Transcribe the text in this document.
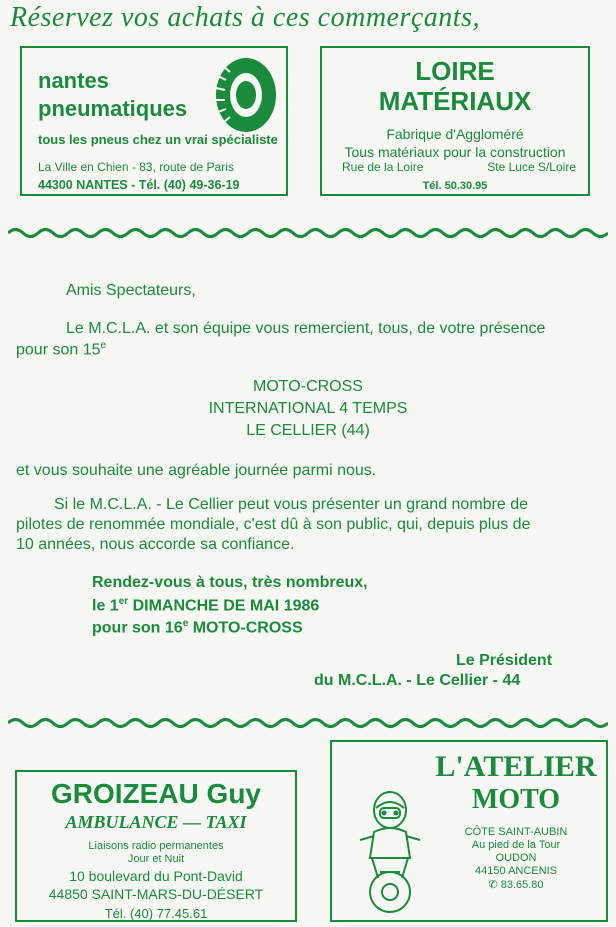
Réservez vos achats à ces commerçants,
nantes
pneumatiques
tous les pneus chez un vrai spécialiste
La Ville en Chien - 83, route de Paris
44300 NANTES - Tél. (40) 49-36-19
LOIRE
MATÉRIAUX
Fabrique d'Aggloméré
Tous matériaux pour la construction
Rue de la Loire	Ste Luce S/Loire
Tél. 50.30.95
Amis Spectateurs,
Le M.C.L.A. et son équipe vous remercient, tous, de votre présence
pour son 15e
MOTO-CROSS
INTERNATIONAL 4 TEMPS
LE CELLIER (44)
et vous souhaite une agréable journée parmi nous.
Si le M.C.L.A. - Le Cellier peut vous présenter un grand nombre de
pilotes de renommée mondiale, c'est dû à son public, qui, depuis plus de
10 années, nous accorde sa confiance.
Rendez-vous à tous, très nombreux,
le 1er DIMANCHE DE MAI 1986
pour son 16e MOTO-CROSS
Le Président
du M.C.L.A. - Le Cellier - 44
GROIZEAU Guy
AMBULANCE — TAXI
Liaisons radio permanentes
Jour et Nuit
10 boulevard du Pont-David
44850 SAINT-MARS-DU-DÉSERT
Tél. (40) 77.45.61
L'ATELIER
MOTO
CÔTE SAINT-AUBIN
Au pied de la Tour
OUDON
44150 ANCENIS
✆ 83.65.80
